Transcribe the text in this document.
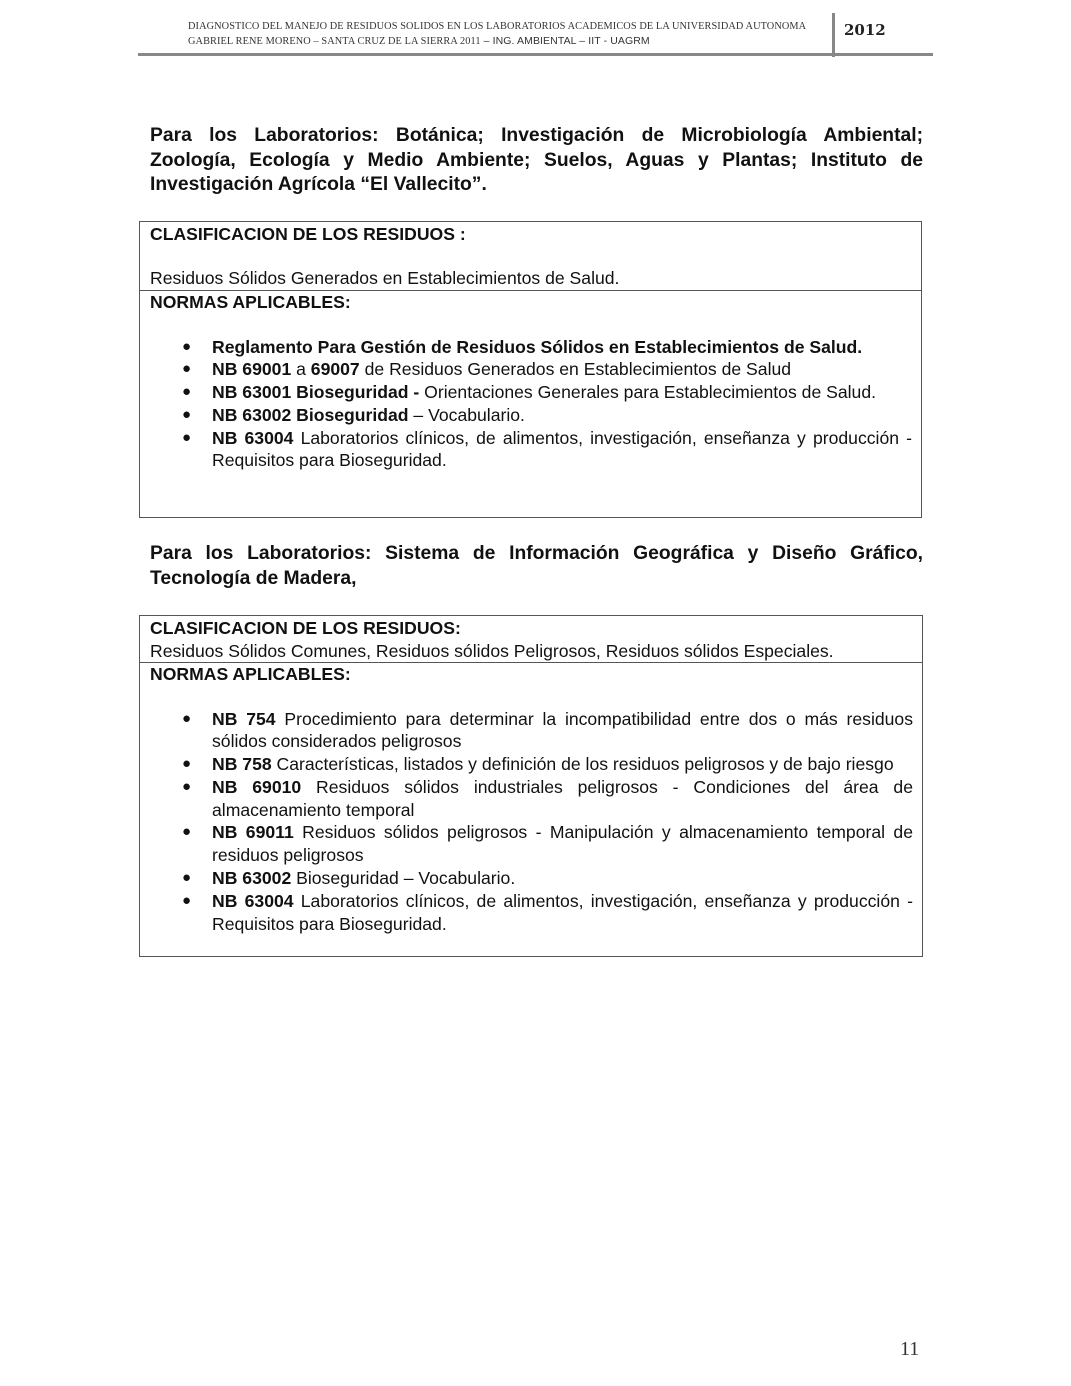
DIAGNOSTICO DEL MANEJO DE RESIDUOS SOLIDOS EN LOS LABORATORIOS ACADEMICOS DE LA UNIVERSIDAD AUTONOMA
GABRIEL RENE MORENO – SANTA CRUZ DE LA SIERRA 2011 – ING. AMBIENTAL – IIT - UAGRM
2012
Para los Laboratorios: Botánica; Investigación de Microbiología Ambiental; Zoología, Ecología y Medio Ambiente; Suelos, Aguas y Plantas; Instituto de Investigación Agrícola “El Vallecito”.
CLASIFICACION DE LOS RESIDUOS :
Residuos Sólidos Generados en Establecimientos de Salud.
NORMAS APLICABLES:
● Reglamento Para Gestión de Residuos Sólidos en Establecimientos de Salud.
● NB 69001 a 69007 de Residuos Generados en Establecimientos de Salud
● NB 63001 Bioseguridad - Orientaciones Generales para Establecimientos de Salud.
● NB 63002 Bioseguridad – Vocabulario.
● NB 63004 Laboratorios clínicos, de alimentos, investigación, enseñanza y producción - Requisitos para Bioseguridad.
Para los Laboratorios: Sistema de Información Geográfica y Diseño Gráfico, Tecnología de Madera,
CLASIFICACION DE LOS RESIDUOS:
Residuos Sólidos Comunes, Residuos sólidos Peligrosos, Residuos sólidos Especiales.
NORMAS APLICABLES:
● NB 754 Procedimiento para determinar la incompatibilidad entre dos o más residuos sólidos considerados peligrosos
● NB 758 Características, listados y definición de los residuos peligrosos y de bajo riesgo
● NB 69010 Residuos sólidos industriales peligrosos - Condiciones del área de almacenamiento temporal
● NB 69011 Residuos sólidos peligrosos - Manipulación y almacenamiento temporal de residuos peligrosos
● NB 63002 Bioseguridad – Vocabulario.
● NB 63004 Laboratorios clínicos, de alimentos, investigación, enseñanza y producción - Requisitos para Bioseguridad.
11
